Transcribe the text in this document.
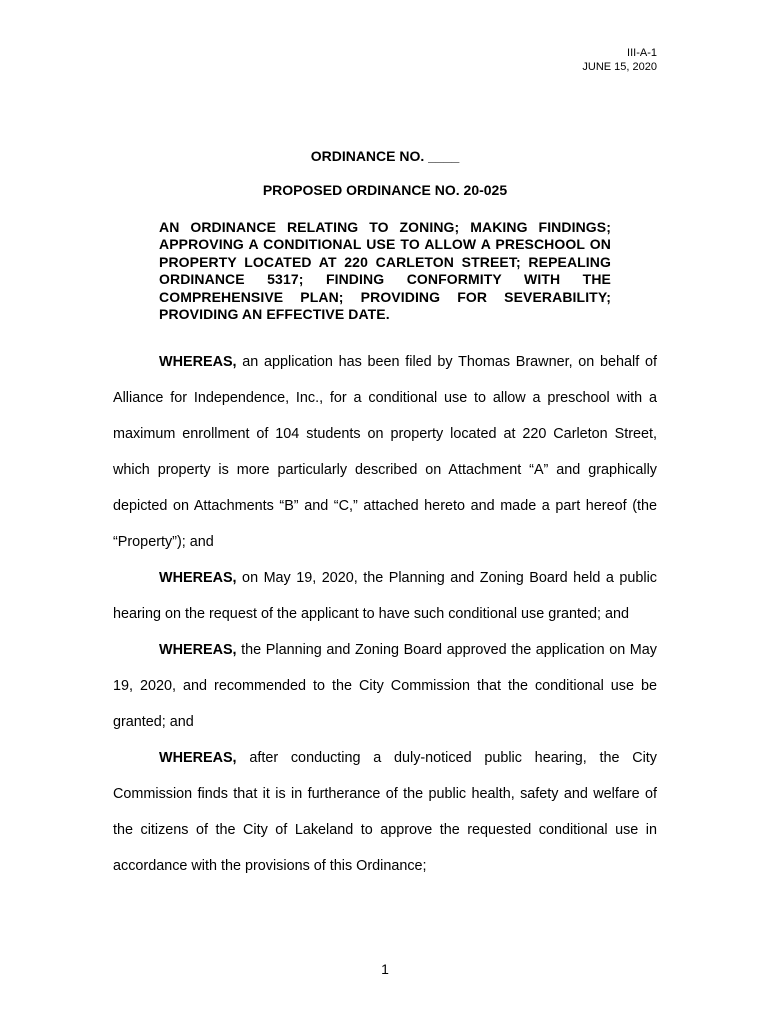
III-A-1
JUNE 15, 2020
ORDINANCE NO. ____
PROPOSED ORDINANCE NO. 20-025
AN ORDINANCE RELATING TO ZONING; MAKING FINDINGS; APPROVING A CONDITIONAL USE TO ALLOW A PRESCHOOL ON PROPERTY LOCATED AT 220 CARLETON STREET; REPEALING ORDINANCE 5317; FINDING CONFORMITY WITH THE COMPREHENSIVE PLAN; PROVIDING FOR SEVERABILITY; PROVIDING AN EFFECTIVE DATE.

WHEREAS, an application has been filed by Thomas Brawner, on behalf of Alliance for Independence, Inc., for a conditional use to allow a preschool with a maximum enrollment of 104 students on property located at 220 Carleton Street, which property is more particularly described on Attachment “A” and graphically depicted on Attachments “B” and “C,” attached hereto and made a part hereof (the “Property”); and

WHEREAS, on May 19, 2020, the Planning and Zoning Board held a public hearing on the request of the applicant to have such conditional use granted; and

WHEREAS, the Planning and Zoning Board approved the application on May 19, 2020, and recommended to the City Commission that the conditional use be granted; and

WHEREAS, after conducting a duly-noticed public hearing, the City Commission finds that it is in furtherance of the public health, safety and welfare of the citizens of the City of Lakeland to approve the requested conditional use in accordance with the provisions of this Ordinance;

1
